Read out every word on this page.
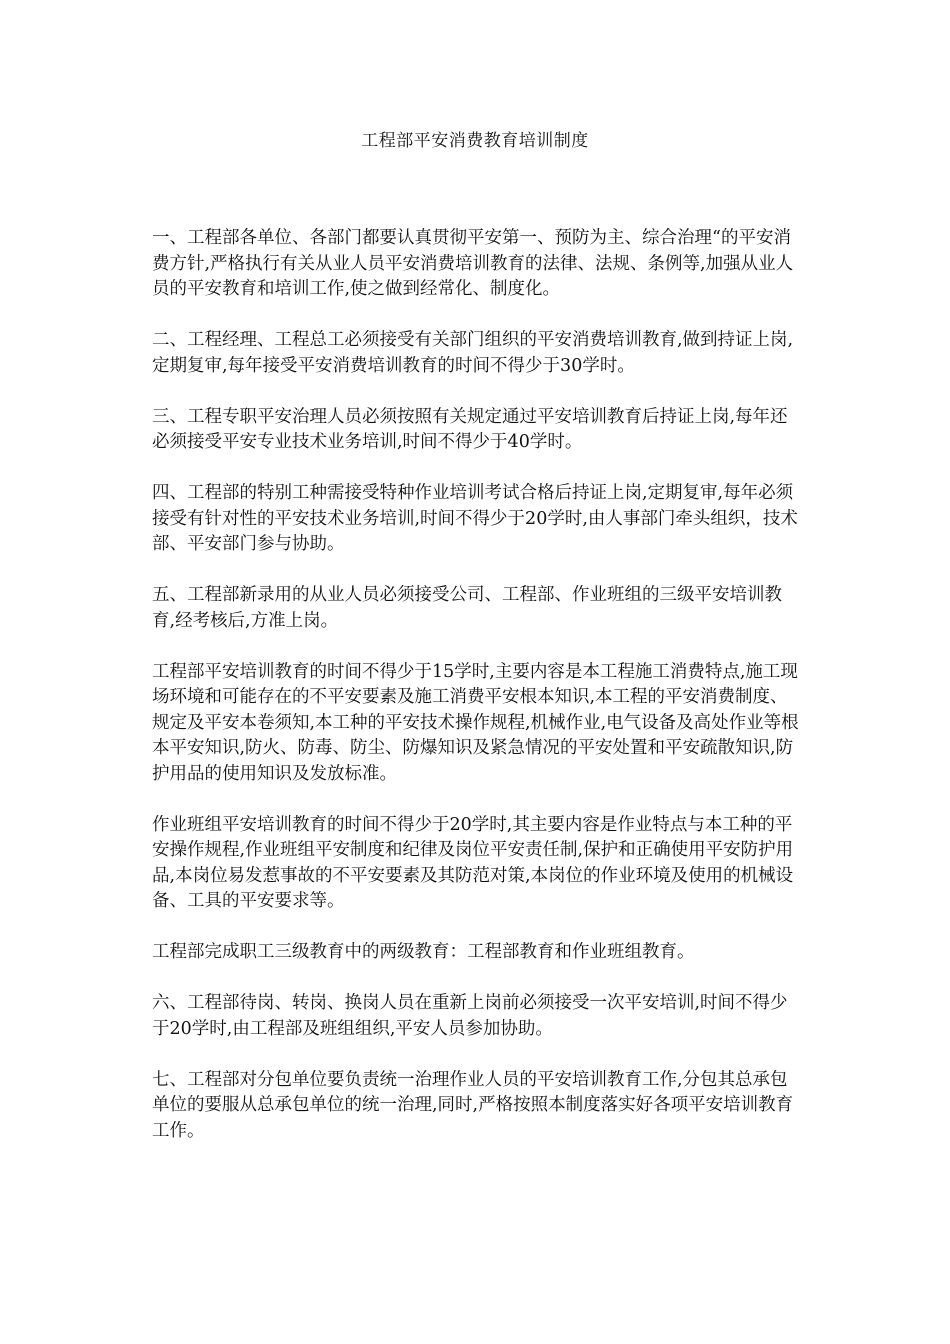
工程部平安消费教育培训制度

一、工程部各单位、各部门都要认真贯彻平安第一、预防为主、综合治理“的平安消费方针,严格执行有关从业人员平安消费培训教育的法律、法规、条例等,加强从业人员的平安教育和培训工作,使之做到经常化、制度化。

二、工程经理、工程总工必须接受有关部门组织的平安消费培训教育,做到持证上岗,定期复审,每年接受平安消费培训教育的时间不得少于30学时。

三、工程专职平安治理人员必须按照有关规定通过平安培训教育后持证上岗,每年还必须接受平安专业技术业务培训,时间不得少于40学时。

四、工程部的特别工种需接受特种作业培训考试合格后持证上岗,定期复审,每年必须接受有针对性的平安技术业务培训,时间不得少于20学时,由人事部门牵头组织，技术部、平安部门参与协助。

五、工程部新录用的从业人员必须接受公司、工程部、作业班组的三级平安培训教育,经考核后,方准上岗。

工程部平安培训教育的时间不得少于15学时,主要内容是本工程施工消费特点,施工现场环境和可能存在的不平安要素及施工消费平安根本知识,本工程的平安消费制度、规定及平安本卷须知,本工种的平安技术操作规程,机械作业,电气设备及高处作业等根本平安知识,防火、防毒、防尘、防爆知识及紧急情况的平安处置和平安疏散知识,防护用品的使用知识及发放标准。

作业班组平安培训教育的时间不得少于20学时,其主要内容是作业特点与本工种的平安操作规程,作业班组平安制度和纪律及岗位平安责任制,保护和正确使用平安防护用品,本岗位易发惹事故的不平安要素及其防范对策,本岗位的作业环境及使用的机械设备、工具的平安要求等。

工程部完成职工三级教育中的两级教育：工程部教育和作业班组教育。

六、工程部待岗、转岗、换岗人员在重新上岗前必须接受一次平安培训,时间不得少于20学时,由工程部及班组组织,平安人员参加协助。

七、工程部对分包单位要负责统一治理作业人员的平安培训教育工作,分包其总承包单位的要服从总承包单位的统一治理,同时,严格按照本制度落实好各项平安培训教育工作。
